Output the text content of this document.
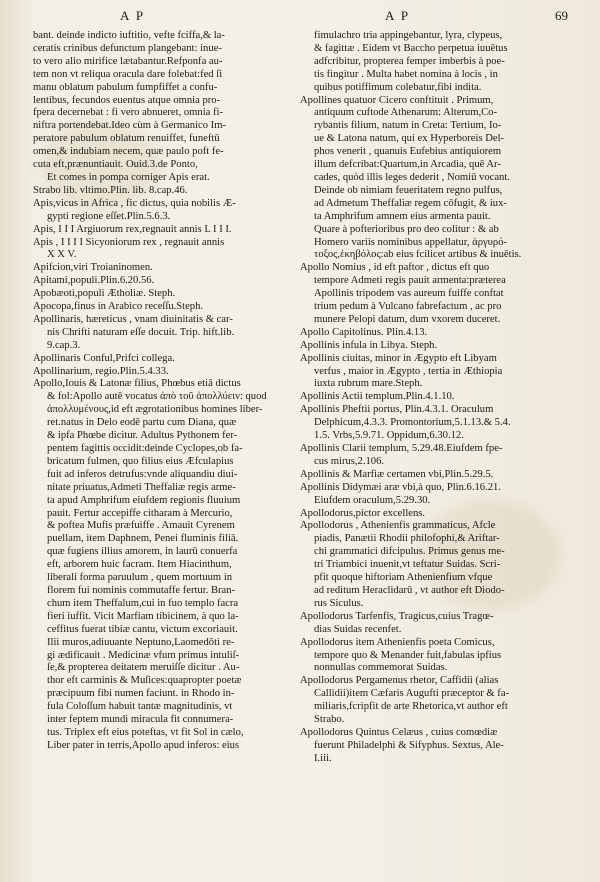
A P	A P	69
bant. deinde indicto iuftitio, vefte fciffa,& la-
ceratis crinibus defunctum plangebant: inue-
to vero alio mirifice lætabantur.Refponfa au-
tem non vt reliqua oracula dare folebat:fed ſi
manu oblatum pabulum fumpfiffet a confu-
lentibus, fecundos euentus atque omnia pro-
fpera decernebat : fi vero abnueret, omnia fi-
niftra portendebat.Ideo cùm à Germanico Im-
peratore pabulum oblatum renuiffet, funeftū
omen,& indubiam necem, quæ paulo poft fe-
cuta eft,prænuntiauit. Ouid.3.de Ponto,
Et comes in pompa corniger Apis erat.
Strabo lib. vltimo.Plin. lib. 8.cap.46.
Apis,vicus in Africa , fic dictus, quia nobilis Æ-
gypti regione eſſet.Plin.5.6.3.
Apis, I I I Argiuorum rex,regnauit annis L I I I.
Apis , I I I I Sicyoniorum rex , regnauit annis
X X V.
Apifcion,viri Troianinomen.
Apitami,populi.Plin.6.20.56.
Apobæoti,populi Ætholiæ. Steph.
Apocopa,finus in Arabico receſſu.Steph.
Apollinaris, hæreticus , vnam diuinitatis & car-
nis Chrifti naturam eſſe docuit. Trip. hift.lib.
9.cap.3.
Apollinaris Conful,Prifci collega.
Apollinarium, regio.Plin.5.4.33.
Apollo,Iouis & Latonæ filius, Phœbus etiā dictus
& fol:Apollo autē vocatus ἀπὸ τοῦ ἀπολλύειν: quod
ἀπολλυμένους,id eft ægrotationibus homines liber-
ret.natus in Delo eodē partu cum Diana, quæ
& ipfa Phœbe dicitur. Adultus Pythonem fer-
pentem fagittis occidit:deinde Cyclopes,ob fa-
bricatum fulmen, quo filius eius Æfculapius
fuit ad inferos detrufus:vnde aliquandiu diui-
nitate priuatus,Admeti Theffaliæ regis arme-
ta apud Amphrifum eiufdem regionis fluuium
pauit. Fertur accepiffe citharam à Mercurio,
& poftea Mufis præfuiffe . Amauit Cyrenem
puellam, item Daphnem, Penei fluminis filiā.
quæ fugiens illius amorem, in laurū conuerfa
eft, arborem huic facram. Item Hiacinthum,
liberali forma paruulum , quem mortuum in
florem fui nominis commutaffe fertur. Bran-
chum item Theffalum,cui in fuo templo facra
fieri iuffit. Vicit Marfiam tibicinem, à quo la-
ceffitus fuerat tibiæ cantu, victum excoriauit.
Ilii muros,adiuuante Neptuno,Laomedōti re-
gi ædificauit . Medicinæ vfum primus intuliſ-
ſe,& propterea deitatem meruiſſe dicitur . Au-
thor eft carminis & Muſices:quapropter poetæ
præcipuum fibi numen faciunt. in Rhodo in-
fula Coloſſum habuit tantæ magnitudinis, vt
inter feptem mundi miracula fit connumera-
tus. Triplex eft eius poteftas, vt fit Sol in cælo,
Liber pater in terris,Apollo apud inferos: eius
fimulachro tria appingebantur, lyra, clypeus,
& fagittæ . Eidem vt Baccho perpetua iuuētus
adfcribitur, propterea femper imberbis à poe-
tis fingitur . Multa habet nomina à locis , in
quibus potiffimum colebatur,fibi indita.
Apollines quatuor Cicero conftituit . Primum,
antiquum cuftode Athenarum: Alterum,Co-
rybantis filium, natum in Creta: Tertium, Io-
ue & Latona natum, qui ex Hyperboreis Del-
phos venerit , quanuis Eufebius antiquiorem
illum defcribat:Quartum,in Arcadia, quē Ar-
cades, quòd illis leges dederit , Nomiū vocant.
Deinde ob nimiam feueritatem regno pulfus,
ad Admetum Theffaliæ regem cōfugit, & iux-
ta Amphrifum amnem eius armenta pauit.
Quare à pofterioribus pro deo colitur : & ab
Homero variis nominibus appellatur, ἀργυρό-
τοξος,ἑκηβόλος:ab eius fcilicet artibus & inuētis.
Apollo Nomius , id eft paftor , dictus eft quo
tempore Admeti regis pauit armenta:præterea
Apollinis tripodem vas aureum fuiffe conftat
trium pedum à Vulcano fabrefactum , ac pro
munere Pelopi datum, dum vxorem duceret.
Apollo Capitolinus. Plin.4.13.
Apollinis infula in Libya. Steph.
Apollinis ciuitas, minor in Ægypto eft Libyam
verfus , maior in Ægypto , tertia in Æthiopia
iuxta rubrum mare.Steph.
Apollinis Actii templum.Plin.4.1.10.
Apollinis Pheftii portus, Plin.4.3.1. Oraculum
Delphicum,4.3.3. Promontorium,5.1.13.& 5.4.
1.5. Vrbs,5.9.71. Oppidum,6.30.12.
Apollinis Clarii templum, 5.29.48.Eiufdem fpe-
cus mirus,2.106.
Apollinis & Marfiæ certamen vbi,Plin.5.29.5.
Apollinis Didymæi aræ vbi,à quo, Plin.6.16.21.
Eiufdem oraculum,5.29.30.
Apollodorus,pictor excellens.
Apollodorus , Athenienfis grammaticus, Afcle
piadis, Panætii Rhodii philofophi,& Ariftar-
chi grammatici difcipulus. Primus genus me-
tri Triambici inuenit,vt teftatur Suidas. Scri-
pfit quoque hiftoriam Athenienfium vfque
ad reditum Heraclidarū , vt author eft Diodo-
rus Siculus.
Apollodorus Tarfenfis, Tragicus,cuius Tragœ-
dias Suidas recenfet.
Apollodorus item Athenienfis poeta Comicus,
tempore quo & Menander fuit,fabulas ipfius
nonnullas commemorat Suidas.
Apollodorus Pergamenus rhetor, Caffidii (alias
Callidii)item Cæfaris Augufti præceptor & fa-
miliaris,fcripfit de arte Rhetorica,vt author eft
Strabo.
Apollodorus Quintus Celæus , cuius comœdiæ
fuerunt Philadelphi & Sifyphus. Sextus, Ale-
I.iii.
